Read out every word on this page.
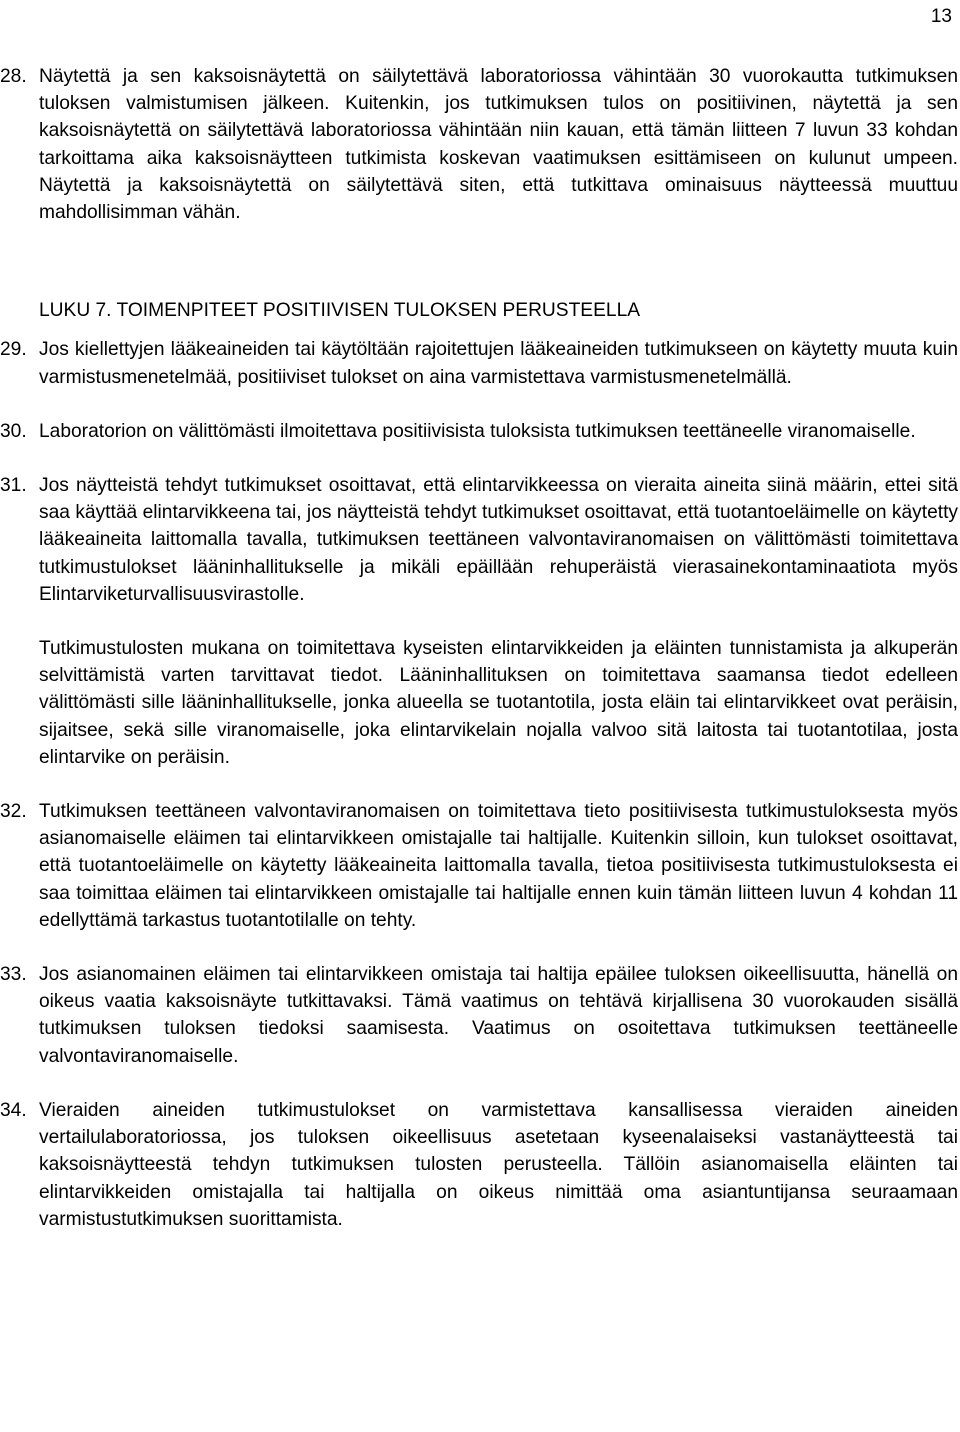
13
28. Näytettä ja sen kaksoisnäytettä on säilytettävä laboratoriossa vähintään 30 vuorokautta tutkimuksen tuloksen valmistumisen jälkeen. Kuitenkin, jos tutkimuksen tulos on positiivinen, näytettä ja sen kaksoisnäytettä on säilytettävä laboratoriossa vähintään niin kauan, että tämän liitteen 7 luvun 33 kohdan tarkoittama aika kaksoisnäytteen tutkimista koskevan vaatimuksen esittämiseen on kulunut umpeen. Näytettä ja kaksoisnäytettä on säilytettävä siten, että tutkittava ominaisuus näytteessä muuttuu mahdollisimman vähän.
LUKU 7. TOIMENPITEET POSITIIVISEN TULOKSEN PERUSTEELLA
29. Jos kiellettyjen lääkeaineiden tai käytöltään rajoitettujen lääkeaineiden tutkimukseen on käytetty muuta kuin varmistusmenetelmää, positiiviset tulokset on aina varmistettava varmistusmenetelmällä.
30. Laboratorion on välittömästi ilmoitettava positiivisista tuloksista tutkimuksen teettäneelle viranomaiselle.
31. Jos näytteistä tehdyt tutkimukset osoittavat, että elintarvikkeessa on vieraita aineita siinä määrin, ettei sitä saa käyttää elintarvikkeena tai, jos näytteistä tehdyt tutkimukset osoittavat, että tuotantoeläimelle on käytetty lääkeaineita laittomalla tavalla, tutkimuksen teettäneen valvontaviranomaisen on välittömästi toimitettava tutkimustulokset lääninhallitukselle ja mikäli epäillään rehuperäistä vierasainekontaminaatiota myös Elintarviketurvallisuusvirastolle.
Tutkimustulosten mukana on toimitettava kyseisten elintarvikkeiden ja eläinten tunnistamista ja alkuperän selvittämistä varten tarvittavat tiedot. Lääninhallituksen on toimitettava saamansa tiedot edelleen välittömästi sille lääninhallitukselle, jonka alueella se tuotantotila, josta eläin tai elintarvikkeet ovat peräisin, sijaitsee, sekä sille viranomaiselle, joka elintarvikelain nojalla valvoo sitä laitosta tai tuotantotilaa, josta elintarvike on peräisin.
32. Tutkimuksen teettäneen valvontaviranomaisen on toimitettava tieto positiivisesta tutkimustuloksesta myös asianomaiselle eläimen tai elintarvikkeen omistajalle tai haltijalle. Kuitenkin silloin, kun tulokset osoittavat, että tuotantoeläimelle on käytetty lääkeaineita laittomalla tavalla, tietoa positiivisesta tutkimustuloksesta ei saa toimittaa eläimen tai elintarvikkeen omistajalle tai haltijalle ennen kuin tämän liitteen luvun 4 kohdan 11 edellyttämä tarkastus tuotantotilalle on tehty.
33. Jos asianomainen eläimen tai elintarvikkeen omistaja tai haltija epäilee tuloksen oikeellisuutta, hänellä on oikeus vaatia kaksoisnäyte tutkittavaksi. Tämä vaatimus on tehtävä kirjallisena 30 vuorokauden sisällä tutkimuksen tuloksen tiedoksi saamisesta. Vaatimus on osoitettava tutkimuksen teettäneelle valvontaviranomaiselle.
34. Vieraiden aineiden tutkimustulokset on varmistettava kansallisessa vieraiden aineiden vertailulaboratoriossa, jos tuloksen oikeellisuus asetetaan kyseenalaiseksi vastanäytteestä tai kaksoisnäytteestä tehdyn tutkimuksen tulosten perusteella. Tällöin asianomaisella eläinten tai elintarvikkeiden omistajalla tai haltijalla on oikeus nimittää oma asiantuntijansa seuraamaan varmistustutkimuksen suorittamista.
